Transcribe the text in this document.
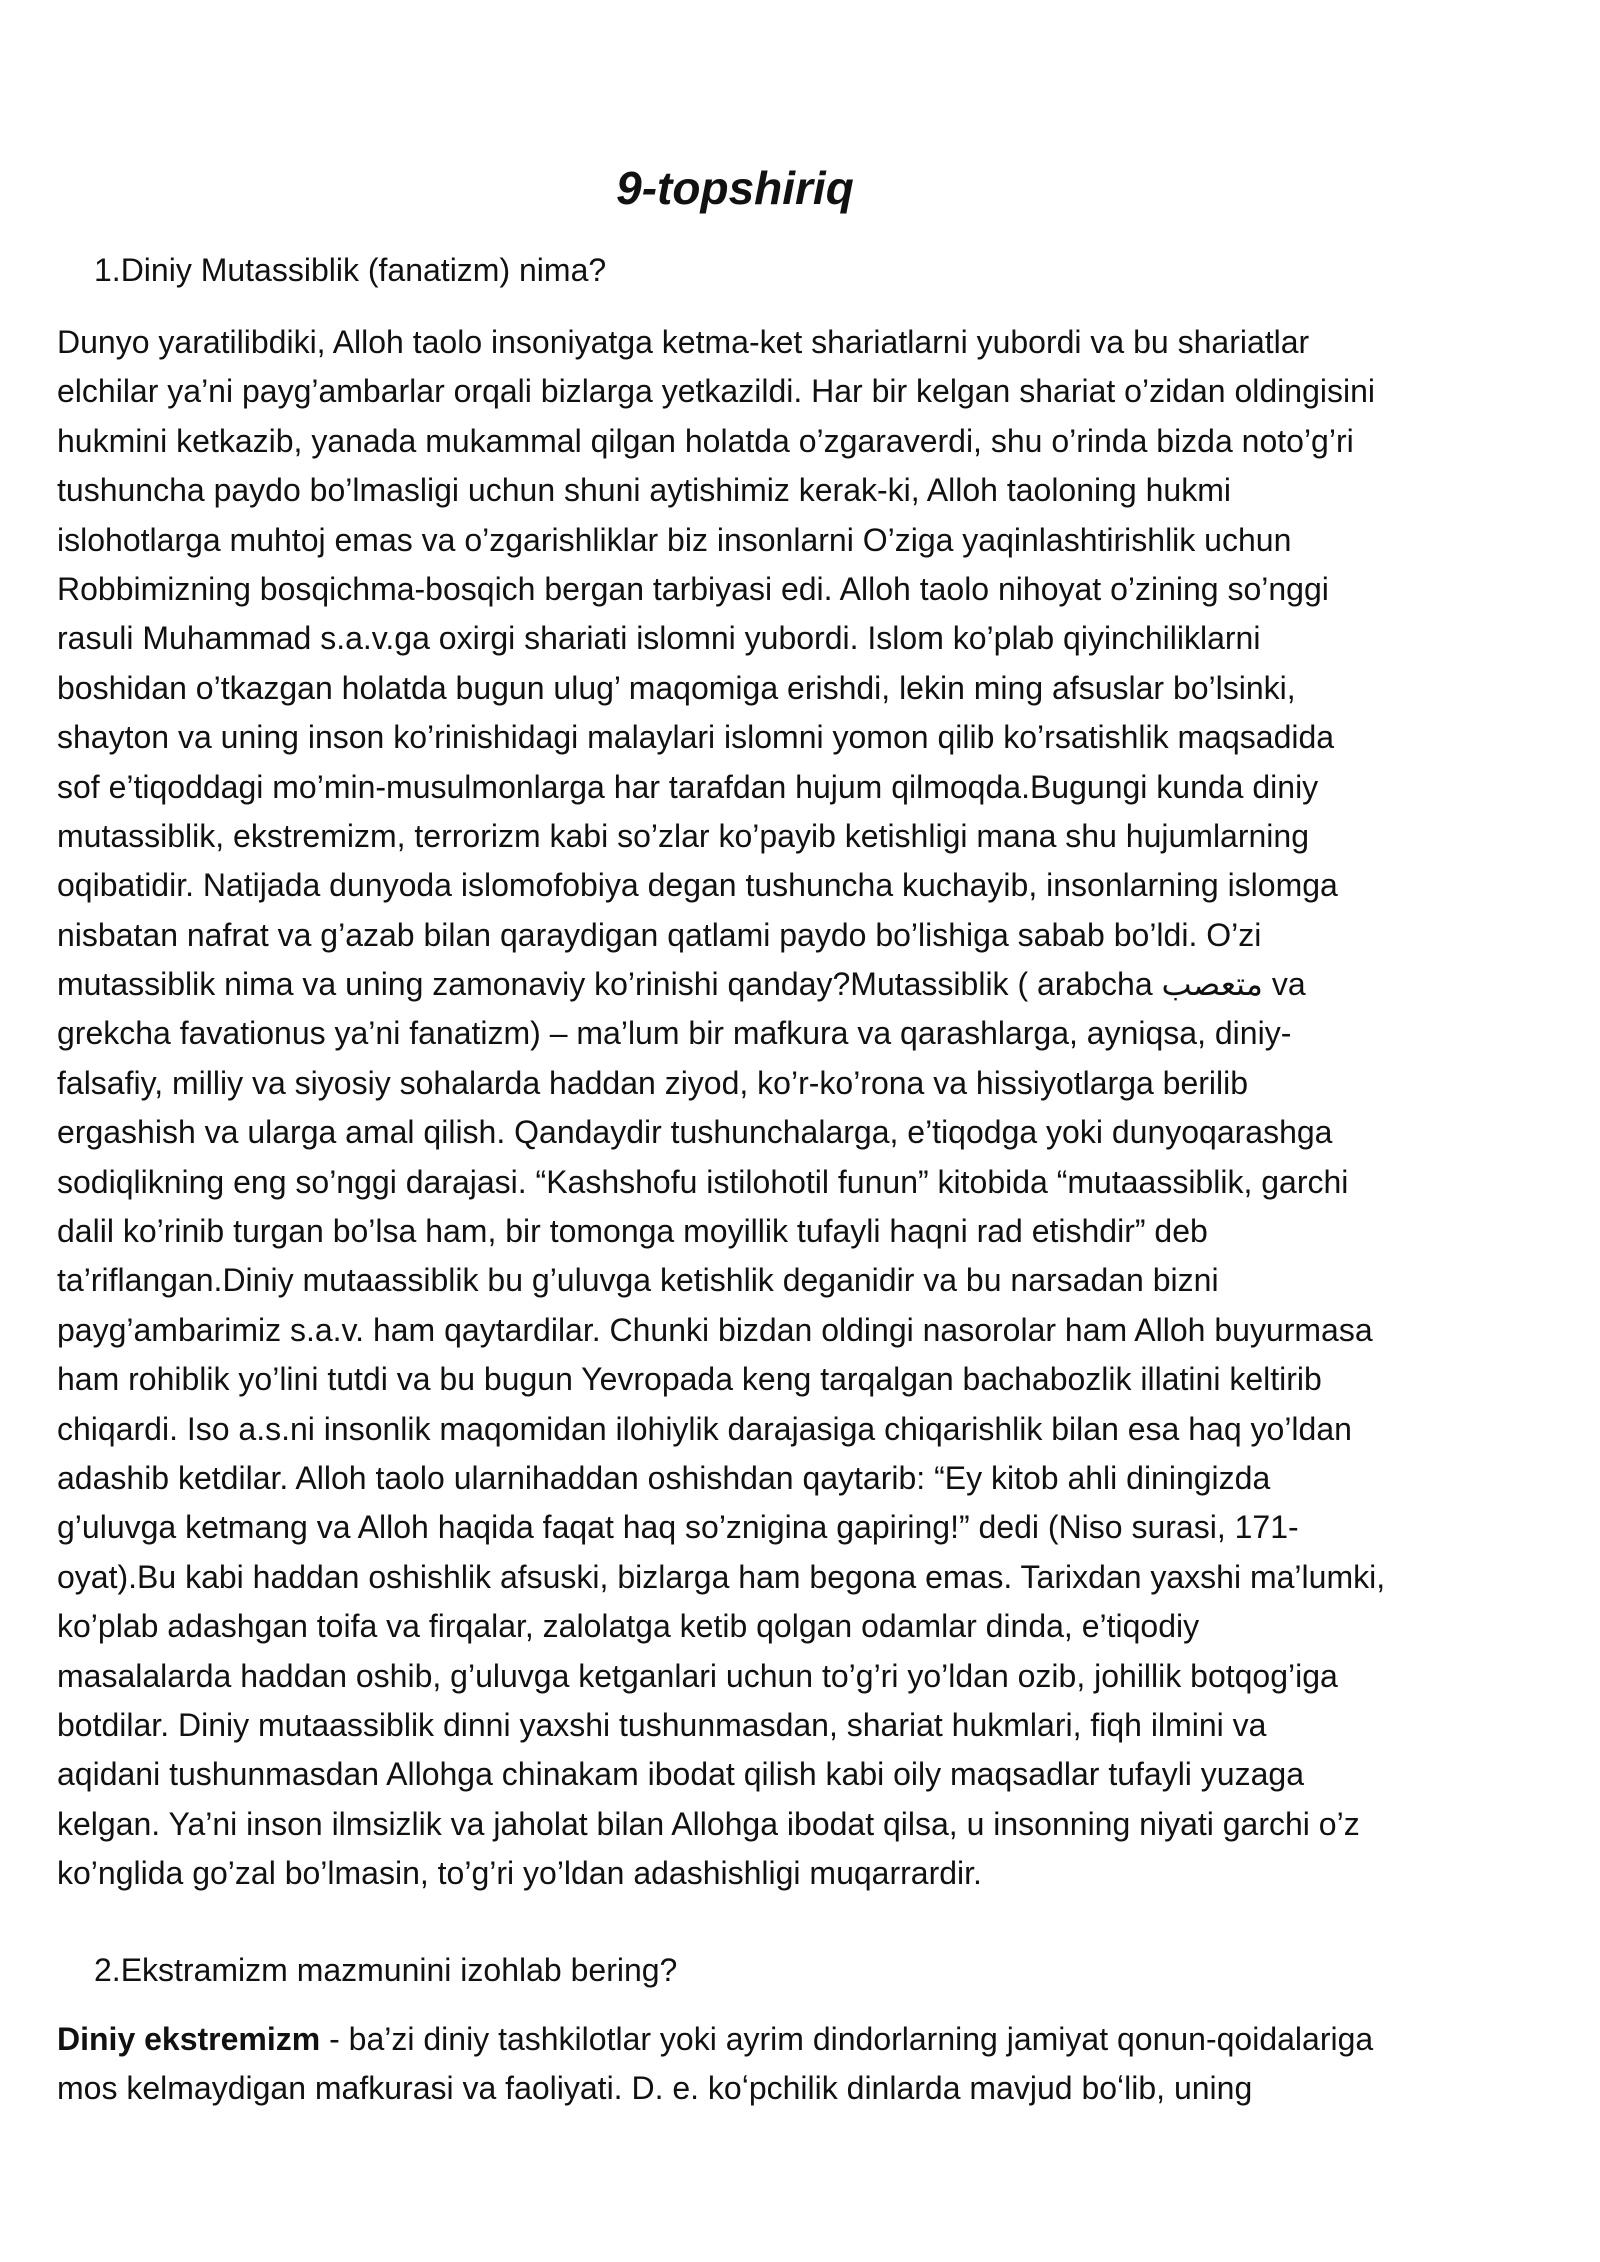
9-topshiriq

1.Diniy Mutassiblik (fanatizm) nima?

Dunyo yaratilibdiki, Alloh taolo insoniyatga ketma-ket shariatlarni yubordi va bu shariatlar
elchilar ya’ni payg’ambarlar orqali bizlarga yetkazildi. Har bir kelgan shariat o’zidan oldingisini
hukmini ketkazib, yanada mukammal qilgan holatda o’zgaraverdi, shu o’rinda bizda noto’g’ri
tushuncha paydo bo’lmasligi uchun shuni aytishimiz kerak-ki, Alloh taoloning hukmi
islohotlarga muhtoj emas va o’zgarishliklar biz insonlarni O’ziga yaqinlashtirishlik uchun
Robbimizning bosqichma-bosqich bergan tarbiyasi edi. Alloh taolo nihoyat o’zining so’nggi
rasuli Muhammad s.a.v.ga oxirgi shariati islomni yubordi. Islom ko’plab qiyinchiliklarni
boshidan o’tkazgan holatda bugun ulug’ maqomiga erishdi, lekin ming afsuslar bo’lsinki,
shayton va uning inson ko’rinishidagi malaylari islomni yomon qilib ko’rsatishlik maqsadida
sof e’tiqoddagi mo’min-musulmonlarga har tarafdan hujum qilmoqda.Bugungi kunda diniy
mutassiblik, ekstremizm, terrorizm kabi so’zlar ko’payib ketishligi mana shu hujumlarning
oqibatidir. Natijada dunyoda islomofobiya degan tushuncha kuchayib, insonlarning islomga
nisbatan nafrat va g’azab bilan qaraydigan qatlami paydo bo’lishiga sabab bo’ldi. O’zi
mutassiblik nima va uning zamonaviy ko’rinishi qanday?Mutassiblik ( arabcha متعصب va
grekcha favationus ya’ni fanatizm) – ma’lum bir mafkura va qarashlarga, ayniqsa, diniy-
falsafiy, milliy va siyosiy sohalarda haddan ziyod, ko’r-ko’rona va hissiyotlarga berilib
ergashish va ularga amal qilish. Qandaydir tushunchalarga, e’tiqodga yoki dunyoqarashga
sodiqlikning eng so’nggi darajasi. “Kashshofu istilohotil funun” kitobida “mutaassiblik, garchi
dalil ko’rinib turgan bo’lsa ham, bir tomonga moyillik tufayli haqni rad etishdir” deb
ta’riflangan.Diniy mutaassiblik bu g’uluvga ketishlik deganidir va bu narsadan bizni
payg’ambarimiz s.a.v. ham qaytardilar. Chunki bizdan oldingi nasorolar ham Alloh buyurmasa
ham rohiblik yo’lini tutdi va bu bugun Yevropada keng tarqalgan bachabozlik illatini keltirib
chiqardi. Iso a.s.ni insonlik maqomidan ilohiylik darajasiga chiqarishlik bilan esa haq yo’ldan
adashib ketdilar. Alloh taolo ularnihaddan oshishdan qaytarib: “Ey kitob ahli diningizda
g’uluvga ketmang va Alloh haqida faqat haq so’znigina gapiring!” dedi (Niso surasi, 171-
oyat).Bu kabi haddan oshishlik afsuski, bizlarga ham begona emas. Tarixdan yaxshi ma’lumki,
ko’plab adashgan toifa va firqalar, zalolatga ketib qolgan odamlar dinda, e’tiqodiy
masalalarda haddan oshib, g’uluvga ketganlari uchun to’g’ri yo’ldan ozib, johillik botqog’iga
botdilar. Diniy mutaassiblik dinni yaxshi tushunmasdan, shariat hukmlari, fiqh ilmini va
aqidani tushunmasdan Allohga chinakam ibodat qilish kabi oily maqsadlar tufayli yuzaga
kelgan. Ya’ni inson ilmsizlik va jaholat bilan Allohga ibodat qilsa, u insonning niyati garchi o’z
ko’nglida go’zal bo’lmasin, to’g’ri yo’ldan adashishligi muqarrardir.

2.Ekstramizm mazmunini izohlab bering?

Diniy ekstremizm - ba’zi diniy tashkilotlar yoki ayrim dindorlarning jamiyat qonun-qoidalariga
mos kelmaydigan mafkurasi va faoliyati. D. e. koʻpchilik dinlarda mavjud boʻlib, uning
